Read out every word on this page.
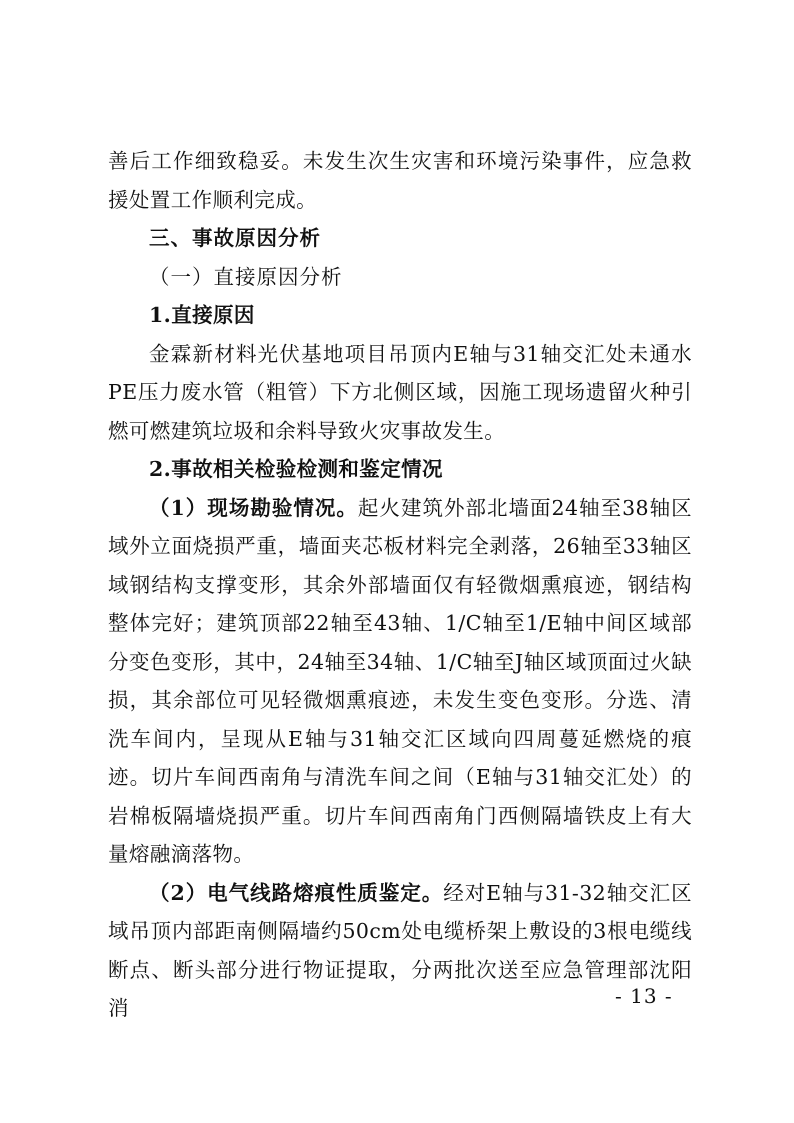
善后工作细致稳妥。未发生次生灾害和环境污染事件，应急救援处置工作顺利完成。

三、事故原因分析

（一）直接原因分析

1.直接原因

金霖新材料光伏基地项目吊顶内E轴与31轴交汇处未通水PE压力废水管（粗管）下方北侧区域，因施工现场遗留火种引燃可燃建筑垃圾和余料导致火灾事故发生。

2.事故相关检验检测和鉴定情况

（1）现场勘验情况。起火建筑外部北墙面24轴至38轴区域外立面烧损严重，墙面夹芯板材料完全剥落，26轴至33轴区域钢结构支撑变形，其余外部墙面仅有轻微烟熏痕迹，钢结构整体完好；建筑顶部22轴至43轴、1/C轴至1/E轴中间区域部分变色变形，其中，24轴至34轴、1/C轴至J轴区域顶面过火缺损，其余部位可见轻微烟熏痕迹，未发生变色变形。分选、清洗车间内，呈现从E轴与31轴交汇区域向四周蔓延燃烧的痕迹。切片车间西南角与清洗车间之间（E轴与31轴交汇处）的岩棉板隔墙烧损严重。切片车间西南角门西侧隔墙铁皮上有大量熔融滴落物。

（2）电气线路熔痕性质鉴定。经对E轴与31-32轴交汇区域吊顶内部距南侧隔墙约50cm处电缆桥架上敷设的3根电缆线断点、断头部分进行物证提取，分两批次送至应急管理部沈阳消	- 13 -
